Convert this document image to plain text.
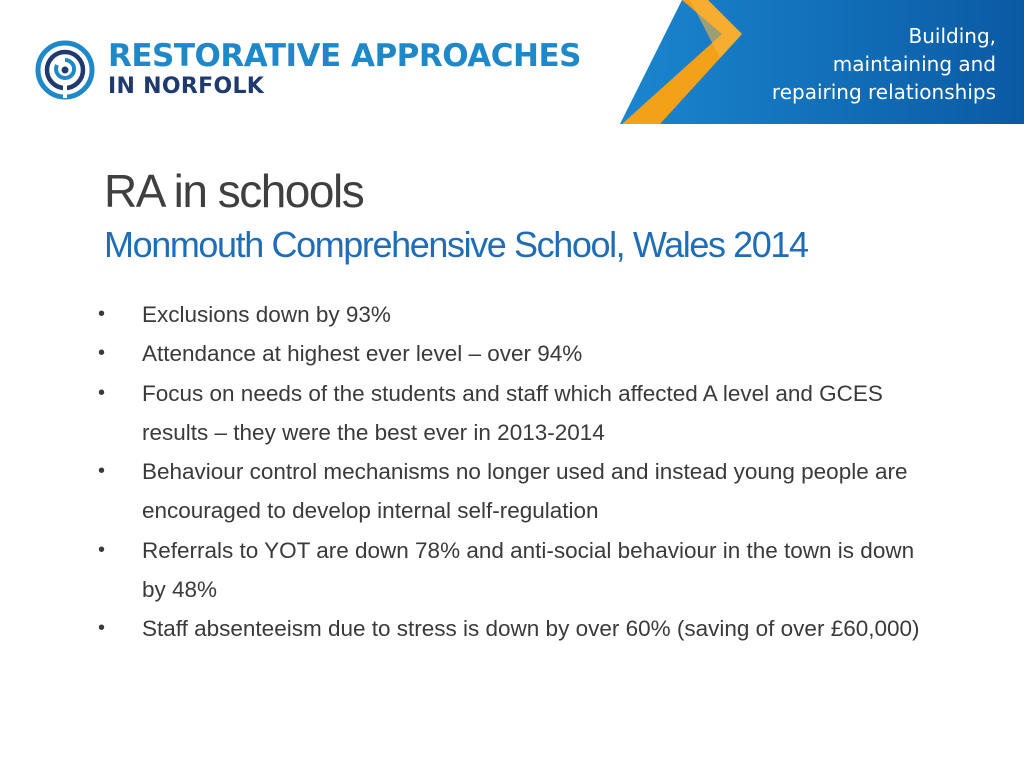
RESTORATIVE APPROACHES
IN NORFOLK
Building,
maintaining and
repairing relationships
RA in schools
Monmouth Comprehensive School, Wales 2014
•	Exclusions down by 93%
•	Attendance at highest ever level – over 94%
•	Focus on needs of the students and staff which affected A level and GCES results – they were the best ever in 2013-2014
•	Behaviour control mechanisms no longer used and instead young people are encouraged to develop internal self-regulation
•	Referrals to YOT are down 78% and anti-social behaviour in the town is down by 48%
•	Staff absenteeism due to stress is down by over 60% (saving of over £60,000)
